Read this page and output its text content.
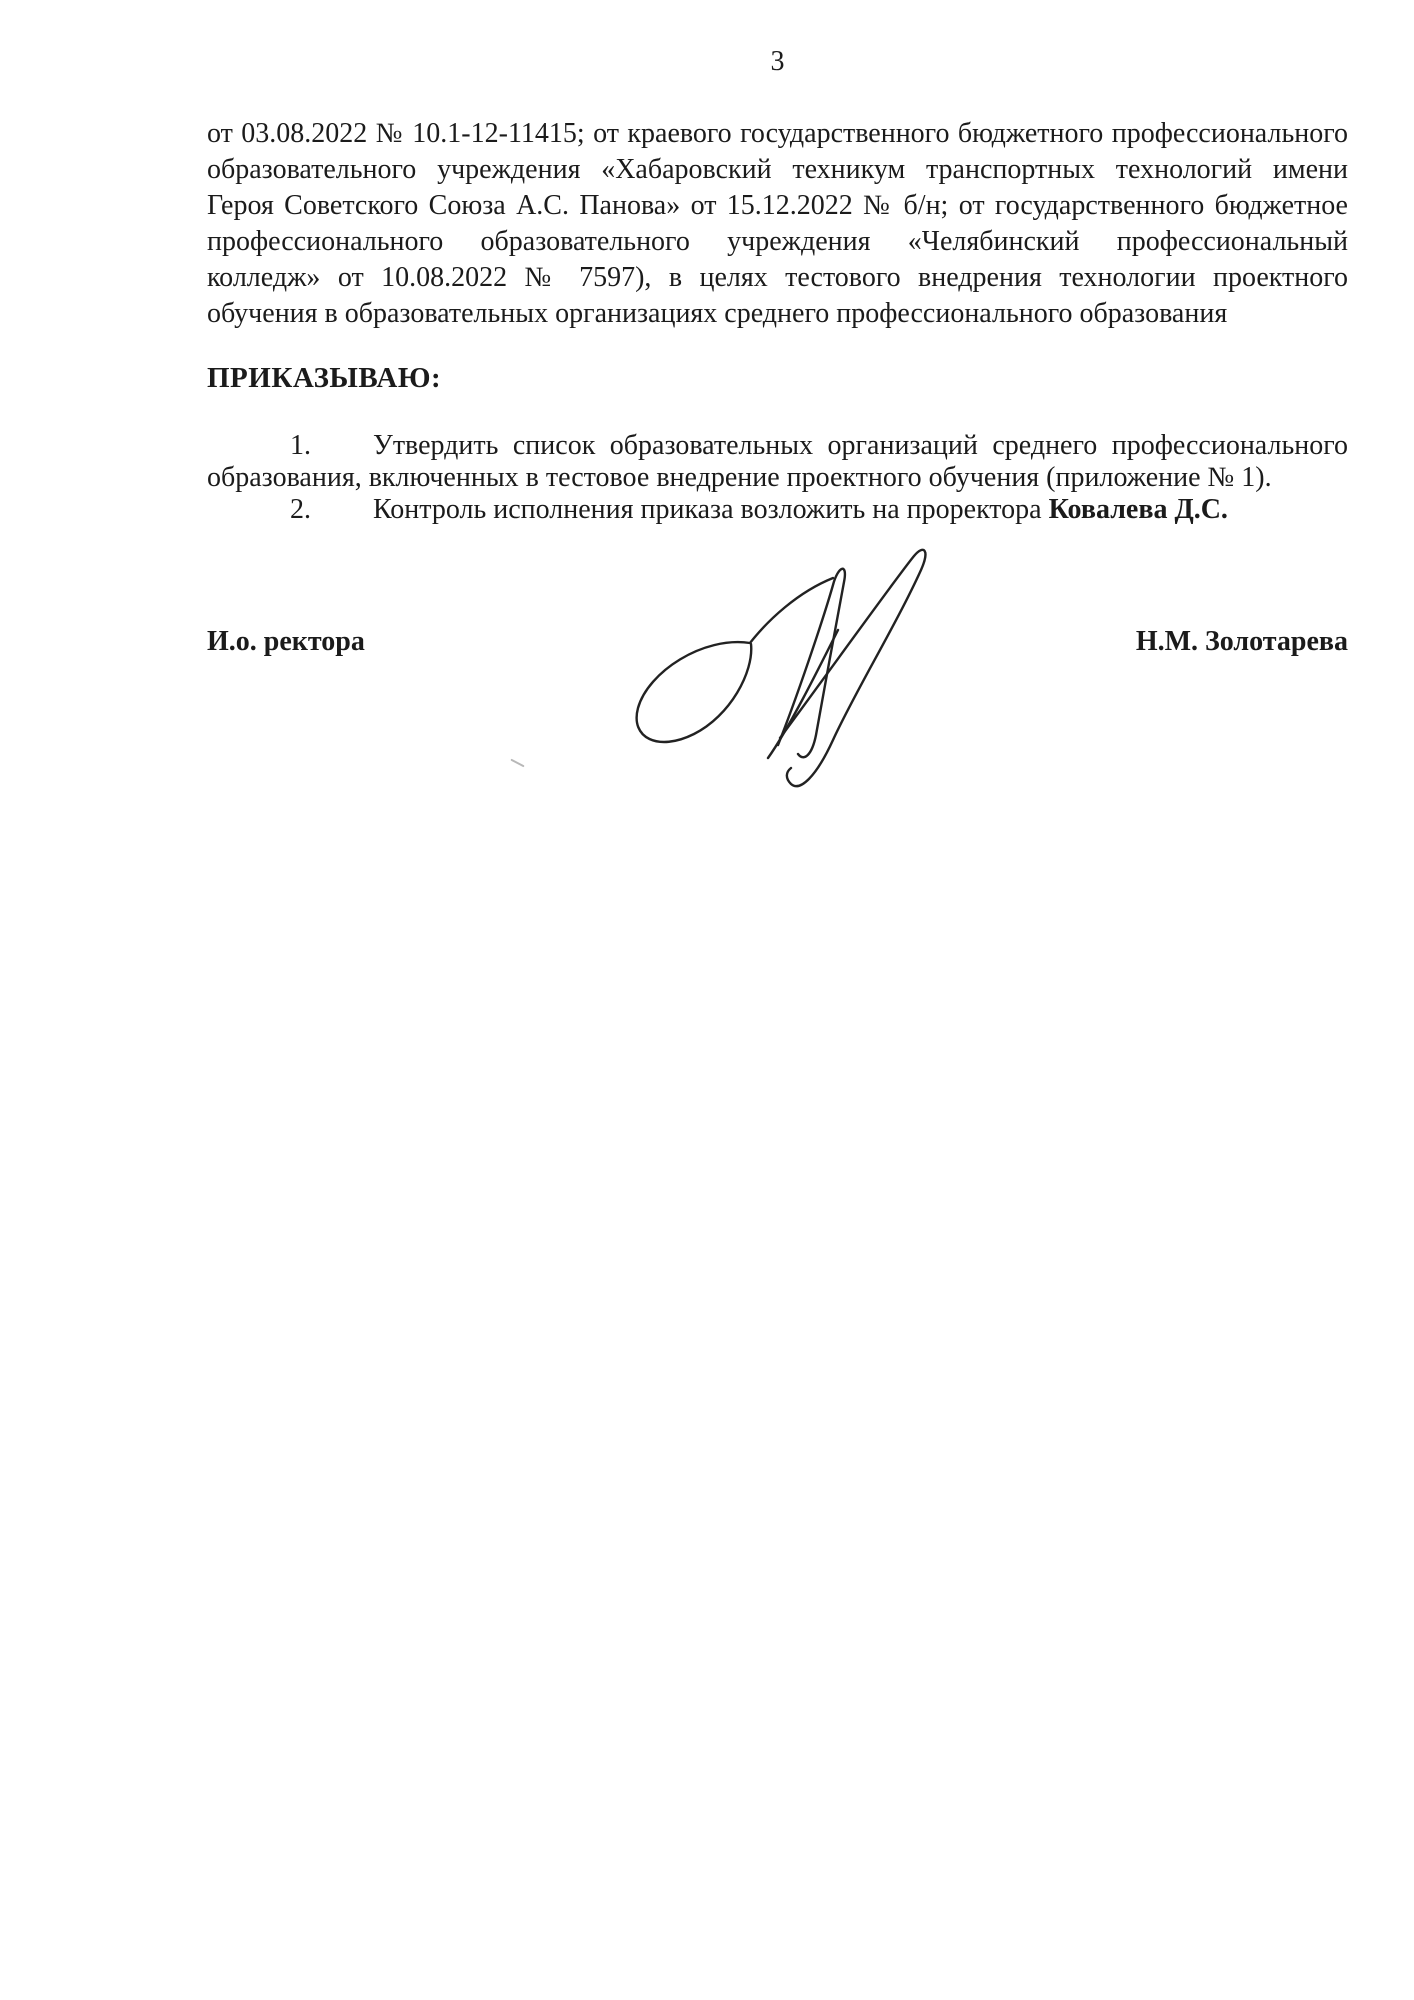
3
от 03.08.2022 № 10.1-12-11415; от краевого государственного бюджетного профессионального
образовательного учреждения «Хабаровский техникум транспортных технологий имени
Героя Советского Союза А.С. Панова» от 15.12.2022 № б/н; от государственного бюджетное
профессионального образовательного учреждения «Челябинский профессиональный
колледж» от 10.08.2022 № 7597), в целях тестового внедрения технологии проектного
обучения в образовательных организациях среднего профессионального образования
ПРИКАЗЫВАЮ:
1. Утвердить список образовательных организаций среднего профессионального
образования, включенных в тестовое внедрение проектного обучения (приложение № 1).
2. Контроль исполнения приказа возложить на проректора Ковалева Д.С.
И.о. ректора	Н.М. Золотарева
